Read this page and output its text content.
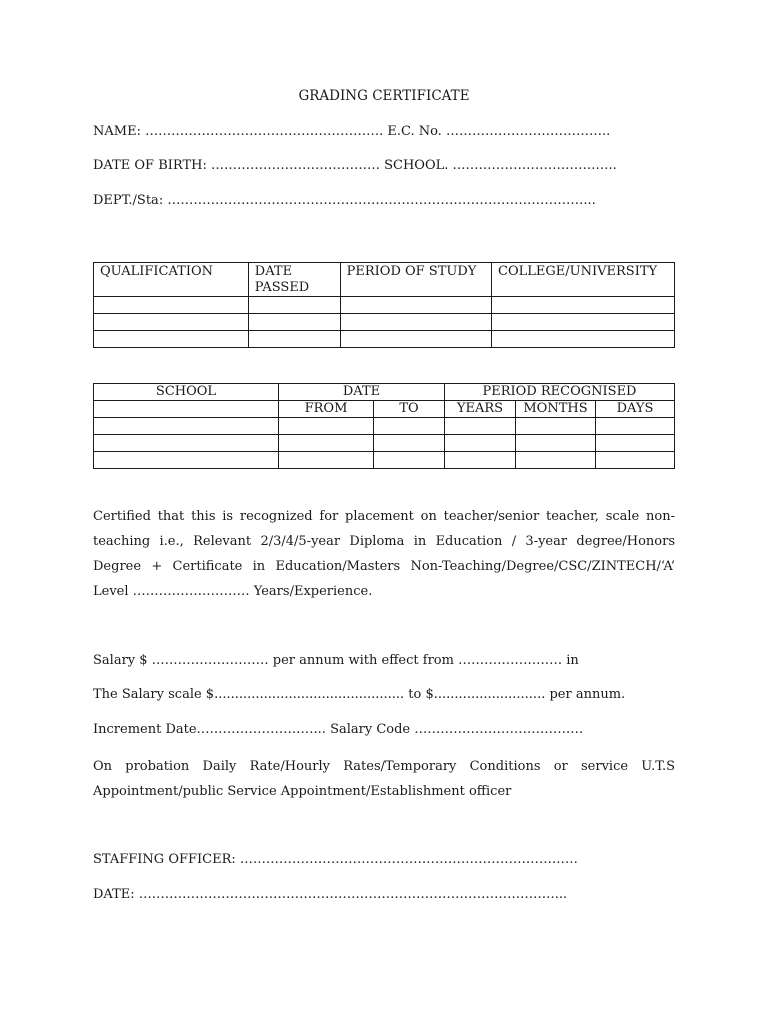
GRADING CERTIFICATE
NAME: ………………………………………………. E.C. No. ………………………………..
DATE OF BIRTH: ………………………………… SCHOOL. ………………………………..
DEPT./Sta: ……………………………………………………………………………………...
QUALIFICATION	DATE PASSED	PERIOD OF STUDY	COLLEGE/UNIVERSITY

SCHOOL	DATE		PERIOD RECOGNISED		
	FROM	TO	YEARS	MONTHS	DAYS

Certified that this is recognized for placement on teacher/senior teacher, scale non-teaching i.e., Relevant 2/3/4/5-year Diploma in Education / 3-year degree/Honors Degree + Certificate in Education/Masters Non-Teaching/Degree/CSC/ZINTECH/‘A’ Level ……………………… Years/Experience.
Salary $ ……………………… per annum with effect from …………………… in
The Salary scale $.............................................. to $........................... per annum.
Increment Date………………………... Salary Code …………………………………
On probation Daily Rate/Hourly Rates/Temporary Conditions or service U.T.S Appointment/public Service Appointment/Establishment officer
STAFFING OFFICER: ……………………………………………………………………
DATE: ……………………………………………………………………………………...
